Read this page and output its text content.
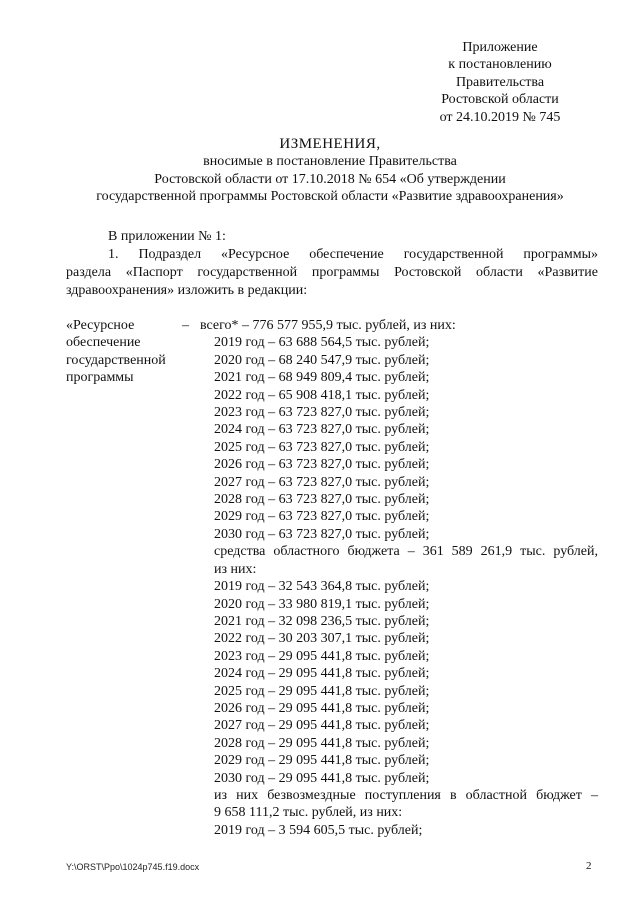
Приложение
к постановлению
Правительства
Ростовской области
от 24.10.2019 № 745
ИЗМЕНЕНИЯ,
вносимые в постановление Правительства
Ростовской области от 17.10.2018 № 654 «Об утверждении
государственной программы Ростовской области «Развитие здравоохранения»

В приложении № 1:

1. Подраздел «Ресурсное обеспечение государственной программы»

раздела «Паспорт государственной программы Ростовской области «Развитие

здравоохранения» изложить в редакции:

«Ресурсное
обеспечение
государственной
программы
– всего* – 776 577 955,9 тыс. рублей, из них:
2019 год – 63 688 564,5 тыс. рублей;
2020 год – 68 240 547,9 тыс. рублей;
2021 год – 68 949 809,4 тыс. рублей;
2022 год – 65 908 418,1 тыс. рублей;
2023 год – 63 723 827,0 тыс. рублей;
2024 год – 63 723 827,0 тыс. рублей;
2025 год – 63 723 827,0 тыс. рублей;
2026 год – 63 723 827,0 тыс. рублей;
2027 год – 63 723 827,0 тыс. рублей;
2028 год – 63 723 827,0 тыс. рублей;
2029 год – 63 723 827,0 тыс. рублей;
2030 год – 63 723 827,0 тыс. рублей;
средства областного бюджета – 361 589 261,9 тыс. рублей,
из них:
2019 год – 32 543 364,8 тыс. рублей;
2020 год – 33 980 819,1 тыс. рублей;
2021 год – 32 098 236,5 тыс. рублей;
2022 год – 30 203 307,1 тыс. рублей;
2023 год – 29 095 441,8 тыс. рублей;
2024 год – 29 095 441,8 тыс. рублей;
2025 год – 29 095 441,8 тыс. рублей;
2026 год – 29 095 441,8 тыс. рублей;
2027 год – 29 095 441,8 тыс. рублей;
2028 год – 29 095 441,8 тыс. рублей;
2029 год – 29 095 441,8 тыс. рублей;
2030 год – 29 095 441,8 тыс. рублей;
из них безвозмездные поступления в областной бюджет –
9 658 111,2 тыс. рублей, из них:
2019 год – 3 594 605,5 тыс. рублей;
Y:\ORST\Ppo\1024p745.f19.docx	2
